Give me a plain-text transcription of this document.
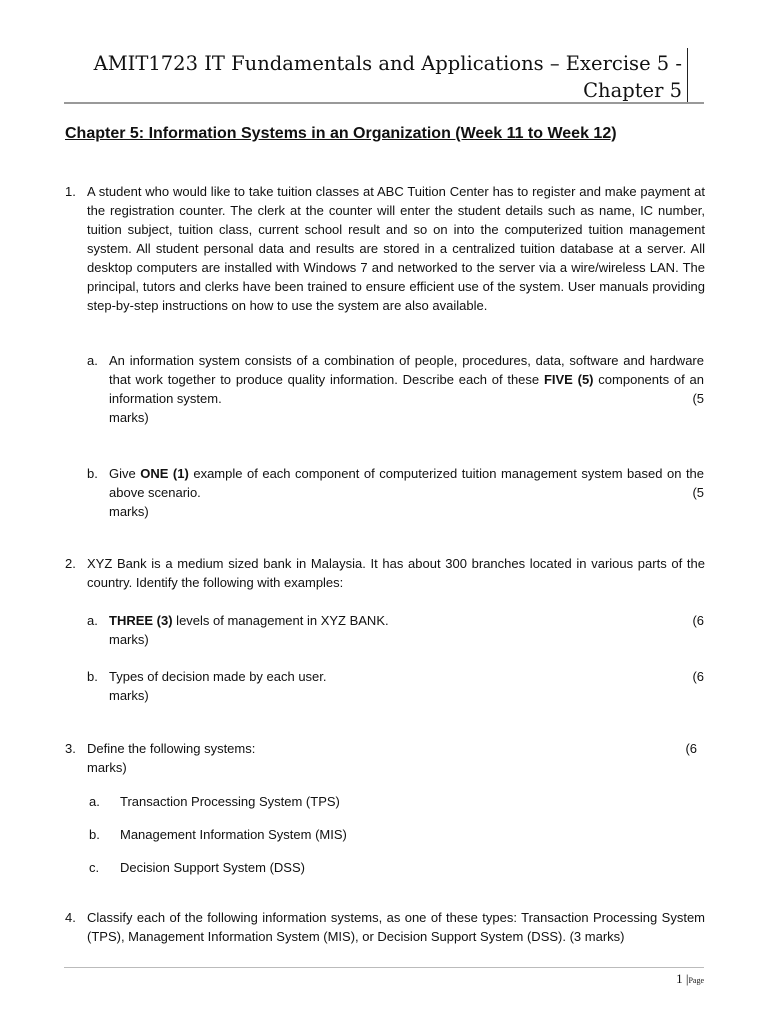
AMIT1723 IT Fundamentals and Applications – Exercise 5 -
Chapter 5
Chapter 5: Information Systems in an Organization (Week 11 to Week 12)
1. A student who would like to take tuition classes at ABC Tuition Center has to register and make payment at the registration counter. The clerk at the counter will enter the student details such as name, IC number, tuition subject, tuition class, current school result and so on into the computerized tuition management system. All student personal data and results are stored in a centralized tuition database at a server. All desktop computers are installed with Windows 7 and networked to the server via a wire/wireless LAN. The principal, tutors and clerks have been trained to ensure efficient use of the system. User manuals providing step-by-step instructions on how to use the system are also available.
a. An information system consists of a combination of people, procedures, data, software and hardware that work together to produce quality information. Describe each of these FIVE (5) components of an information system.	(5

marks)
b. Give ONE (1) example of each component of computerized tuition management system based on the above scenario.	(5

marks)
2. XYZ Bank is a medium sized bank in Malaysia. It has about 300 branches located in various parts of the country. Identify the following with examples:
a. THREE (3) levels of management in XYZ BANK.	(6

marks)
b. Types of decision made by each user.	(6

marks)
3. Define the following systems:	(6

marks)
a. Transaction Processing System (TPS)
b. Management Information System (MIS)
c. Decision Support System (DSS)
4. Classify each of the following information systems, as one of these types: Transaction Processing System (TPS), Management Information System (MIS), or Decision Support System (DSS). (3 marks)
1 |Page
